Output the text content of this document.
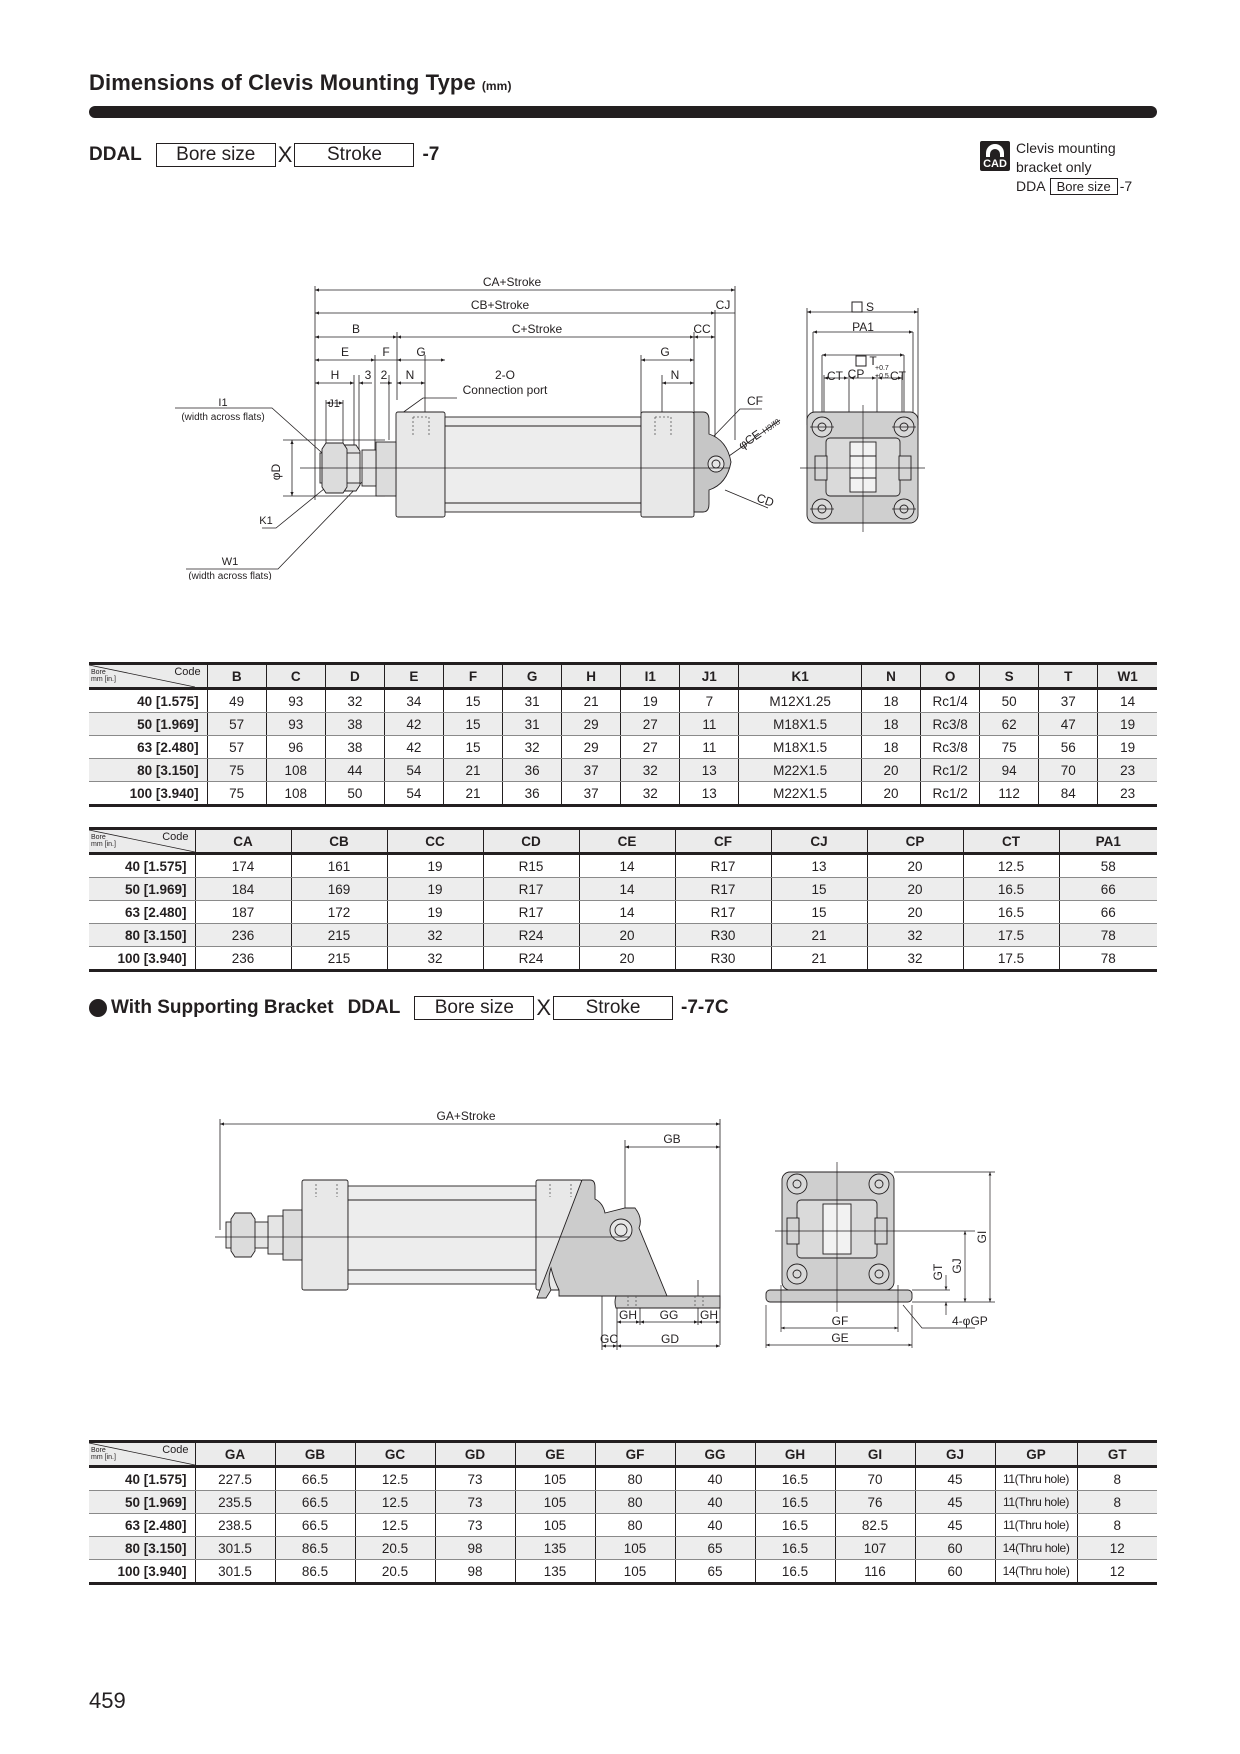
Dimensions of Clevis Mounting Type (mm)
DDAL	Bore size	X	Stroke	-7	CAD
Clevis mounting
bracket only
DDA Bore size -7
CA+Stroke
CB+Stroke
C+Stroke
B	CC
CJ
E	F G	G
H 3 2 N	N
2-O
Connection port
CF
φCE
H9/f8
CD
I1
(width across flats)
J1
φD
K1
W1
(width across flats)
S
PA1
T
CT CP +0.7
+0.5 CT
Code
Bore
mm [in.]	B	C	D	E	F	G	H	I1	J1	K1	N	O	S	T	W1
40 [1.575]	49	93	32	34	15	31	21	19	7	M12X1.25	18	Rc1/4	50	37	14
50 [1.969]	57	93	38	42	15	31	29	27	11	M18X1.5	18	Rc3/8	62	47	19
63 [2.480]	57	96	38	42	15	32	29	27	11	M18X1.5	18	Rc3/8	75	56	19
80 [3.150]	75	108	44	54	21	36	37	32	13	M22X1.5	20	Rc1/2	94	70	23
100 [3.940]	75	108	50	54	21	36	37	32	13	M22X1.5	20	Rc1/2	112	84	23
Code
Bore
mm [in.]	CA	CB	CC	CD	CE	CF	CJ	CP	CT	PA1
40 [1.575]	174	161	19	R15	14	R17	13	20	12.5	58
50 [1.969]	184	169	19	R17	14	R17	15	20	16.5	66
63 [2.480]	187	172	19	R17	14	R17	15	20	16.5	66
80 [3.150]	236	215	32	R24	20	R30	21	32	17.5	78
100 [3.940]	236	215	32	R24	20	R30	21	32	17.5	78
With Supporting Bracket DDAL	Bore size	X	Stroke	-7-7C
GA+Stroke
GB
GH GG GH
GC	GD
GF
GE
4-φGP
GT GJ
GI
Code
Bore
mm [in.]	GA	GB	GC	GD	GE	GF	GG	GH	GI	GJ	GP	GT
40 [1.575]	227.5	66.5	12.5	73	105	80	40	16.5	70	45	11(Thru hole)	8
50 [1.969]	235.5	66.5	12.5	73	105	80	40	16.5	76	45	11(Thru hole)	8
63 [2.480]	238.5	66.5	12.5	73	105	80	40	16.5	82.5	45	11(Thru hole)	8
80 [3.150]	301.5	86.5	20.5	98	135	105	65	16.5	107	60	14(Thru hole)	12
100 [3.940]	301.5	86.5	20.5	98	135	105	65	16.5	116	60	14(Thru hole)	12
459
